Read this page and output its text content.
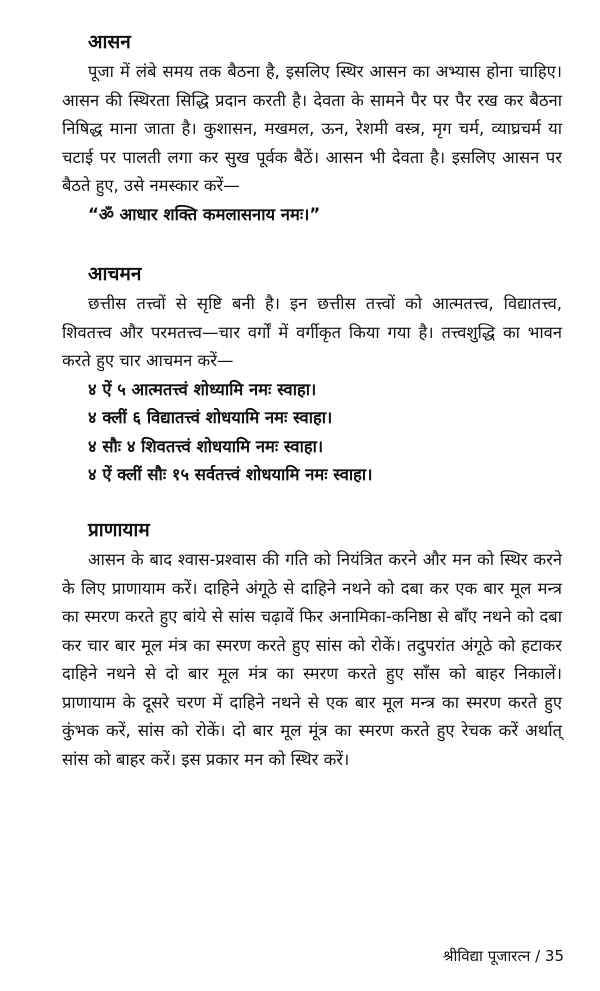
आसन

पूजा में लंबे समय तक बैठना है, इसलिए स्थिर आसन का अभ्यास होना चाहिए। आसन की स्थिरता सिद्धि प्रदान करती है। देवता के सामने पैर पर पैर रख कर बैठना निषिद्ध माना जाता है। कुशासन, मखमल, ऊन, रेशमी वस्त्र, मृग चर्म, व्याघ्रचर्म या चटाई पर पालती लगा कर सुख पूर्वक बैठें। आसन भी देवता है। इसलिए आसन पर बैठते हुए, उसे नमस्कार करें—

“ॐ आधार शक्ति कमलासनाय नमः।”

आचमन

छत्तीस तत्त्वों से सृष्टि बनी है। इन छत्तीस तत्त्वों को आत्मतत्त्व, विद्यातत्त्व, शिवतत्त्व और परमतत्त्व—चार वर्गों में वर्गीकृत किया गया है। तत्त्वशुद्धि का भावन करते हुए चार आचमन करें—

४ ऐं ५ आत्मतत्त्वं शोध्यामि नमः स्वाहा।

४ क्लीं ६ विद्यातत्त्वं शोधयामि नमः स्वाहा।

४ सौः ४ शिवतत्त्वं शोधयामि नमः स्वाहा।

४ ऐं क्लीं सौः १५ सर्वतत्त्वं शोधयामि नमः स्वाहा।

प्राणायाम

आसन के बाद श्वास-प्रश्वास की गति को नियंत्रित करने और मन को स्थिर करने के लिए प्राणायाम करें। दाहिने अंगूठे से दाहिने नथने को दबा कर एक बार मूल मन्त्र का स्मरण करते हुए बांये से सांस चढ़ावें फिर अनामिका-कनिष्ठा से बाँए नथने को दबा कर चार बार मूल मंत्र का स्मरण करते हुए सांस को रोकें। तदुपरांत अंगूठे को हटाकर दाहिने नथने से दो बार मूल मंत्र का स्मरण करते हुए साँस को बाहर निकालें। प्राणायाम के दूसरे चरण में दाहिने नथने से एक बार मूल मन्त्र का स्मरण करते हुए कुंभक करें, सांस को रोकें। दो बार मूल मूंत्र का स्मरण करते हुए रेचक करें अर्थात् सांस को बाहर करें। इस प्रकार मन को स्थिर करें।

श्रीविद्या पूजारत्न / 35
